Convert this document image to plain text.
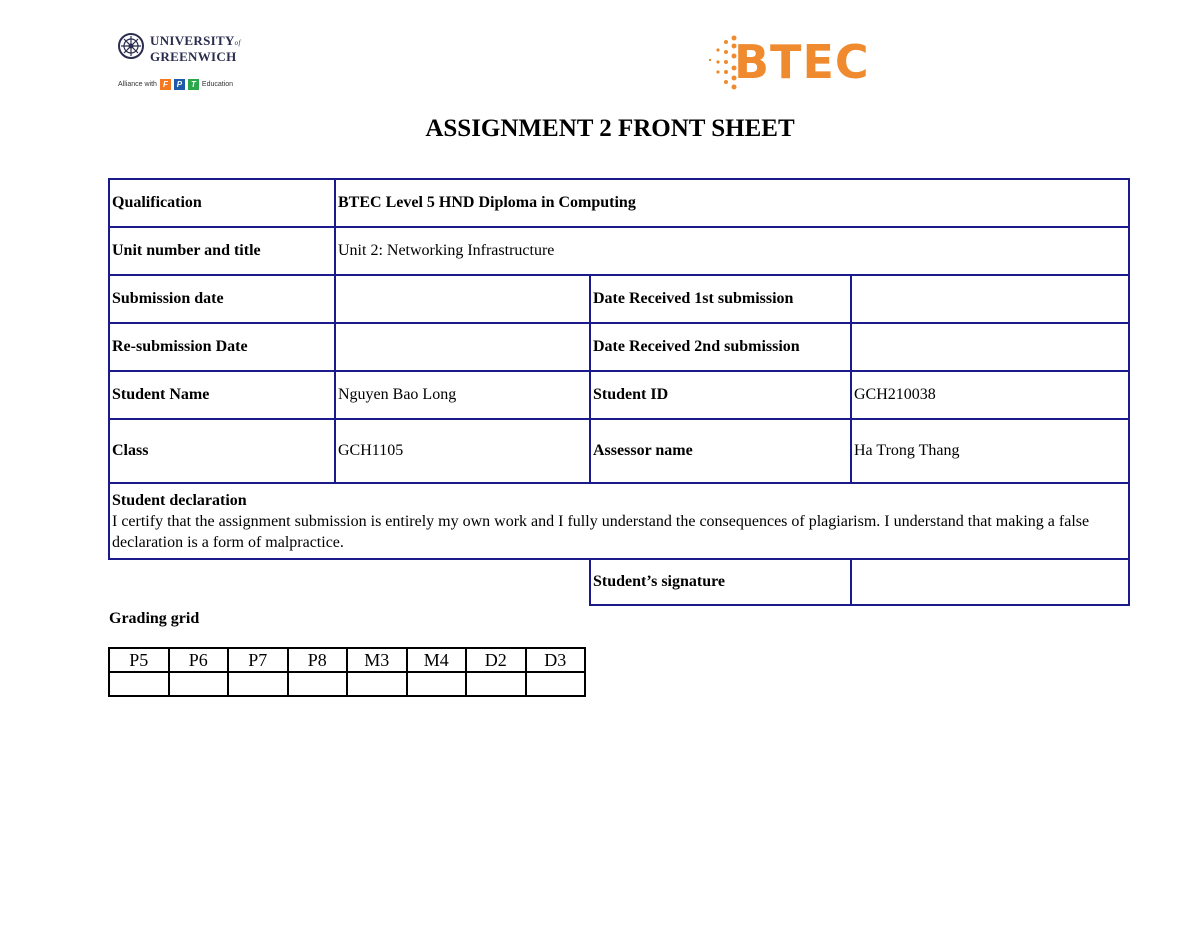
UNIVERSITYof
GREENWICH
Alliance with F	P	T Education	BTEC
ASSIGNMENT 2 FRONT SHEET
Qualification	BTEC Level 5 HND Diploma in Computing		
Unit number and title	Unit 2: Networking Infrastructure		
Submission date		Date Received 1st submission	
Re-submission Date		Date Received 2nd submission	
Student Name	Nguyen Bao Long	Student ID	GCH210038
Class	GCH1105	Assessor name	Ha Trong Thang

Student declaration
I certify that the assignment submission is entirely my own work and I fully understand the consequences of plagiarism. I understand that making a false declaration is a form of malpractice.			

		Student’s signature	
Grading grid
P5	P6	P7	P8	M3	M4	D2	D3
